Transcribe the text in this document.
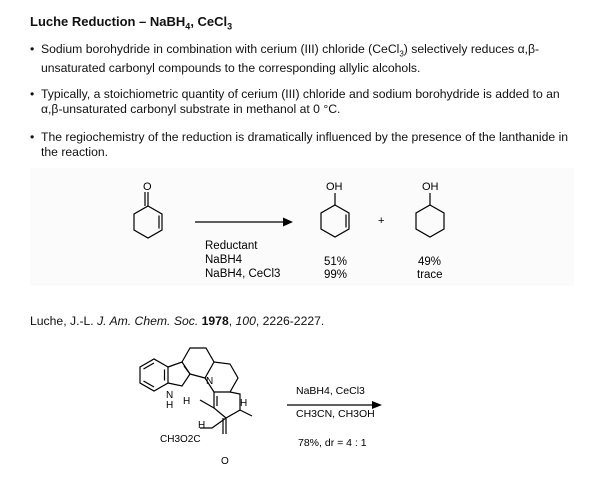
Luche Reduction – NaBH$_4$, CeCl$_3$
• Sodium borohydride in combination with cerium (III) chloride (CeCl$_3$) selectively reduces α,β-
unsaturated carbonyl compounds to the corresponding allylic alcohols.
• Typically, a stoichiometric quantity of cerium (III) chloride and sodium borohydride is added to an
α,β-unsaturated carbonyl substrate in methanol at 0 °C.
• The regiochemistry of the reduction is dramatically influenced by the presence of the lanthanide in
the reaction.
O	OH	OH
+
Reductant
NaBH4
NaBH4, CeCl3
51%
99%
49%
trace
Luche, J.-L. J. Am. Chem. Soc. 1978, 100, 2226-2227.
N
H H
N
H
H
CH3O2C
O
NaBH4, CeCl3
CH3CN, CH3OH
78%, dr = 4 : 1
